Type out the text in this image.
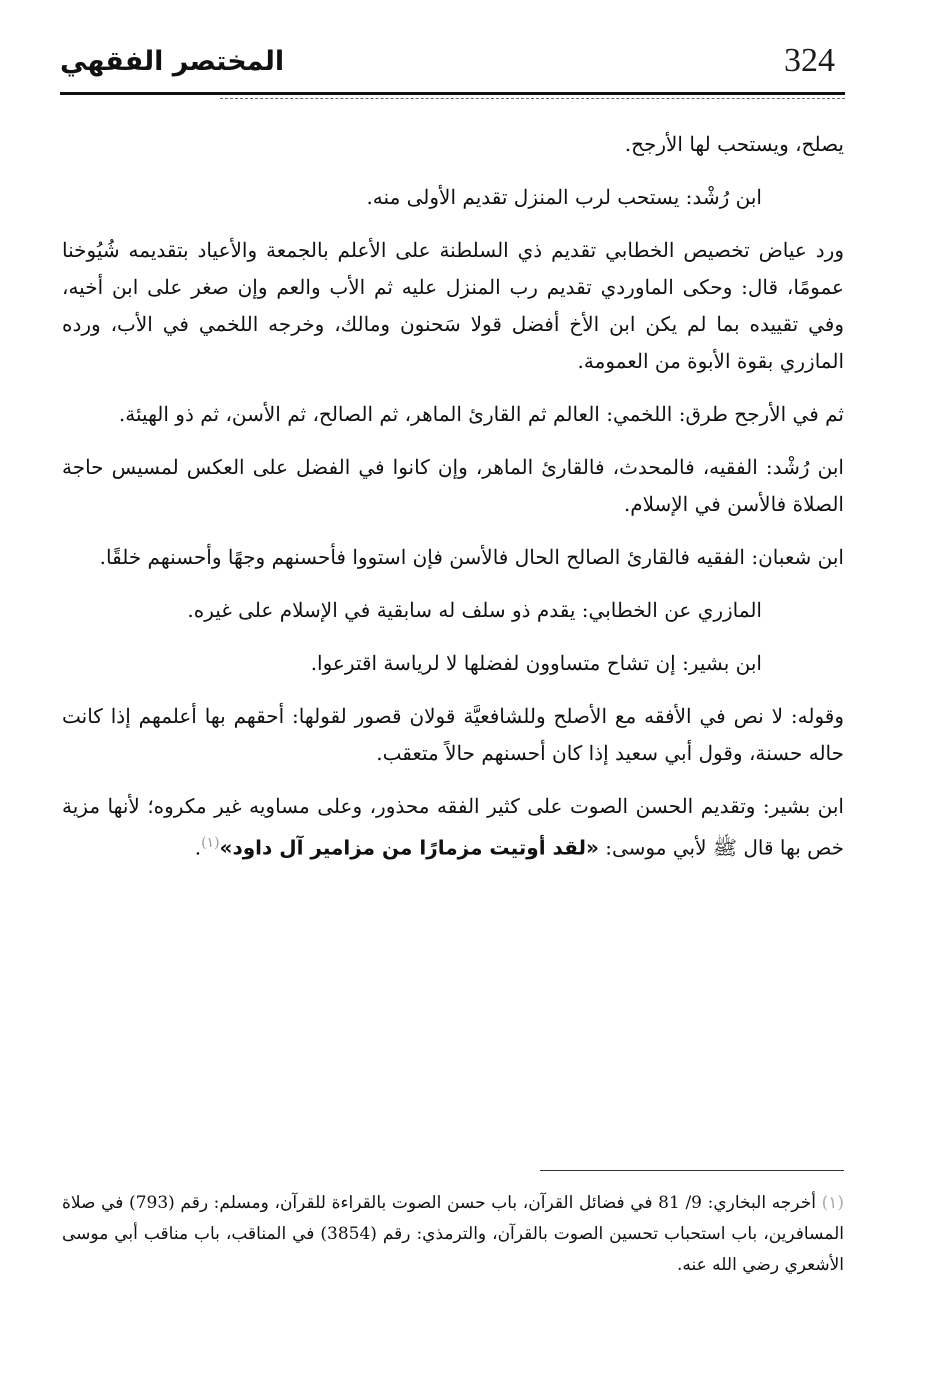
324
المختصر الفقهي

يصلح، ويستحب لها الأرجح.

ابن رُشْد: يستحب لرب المنزل تقديم الأولى منه.

ورد عياض تخصيص الخطابي تقديم ذي السلطنة على الأعلم بالجمعة والأعياد بتقديمه شُيُوخنا عمومًا، قال: وحكى الماوردي تقديم رب المنزل عليه ثم الأب والعم وإن صغر على ابن أخيه، وفي تقييده بما لم يكن ابن الأخ أفضل قولا سَحنون ومالك، وخرجه اللخمي في الأب، ورده المازري بقوة الأبوة من العمومة.

ثم في الأرجح طرق: اللخمي: العالم ثم القارئ الماهر، ثم الصالح، ثم الأسن، ثم ذو الهيئة.

ابن رُشْد: الفقيه، فالمحدث، فالقارئ الماهر، وإن كانوا في الفضل على العكس لمسيس حاجة الصلاة فالأسن في الإسلام.

ابن شعبان: الفقيه فالقارئ الصالح الحال فالأسن فإن استووا فأحسنهم وجهًا وأحسنهم خلقًا.

المازري عن الخطابي: يقدم ذو سلف له سابقية في الإسلام على غيره.

ابن بشير: إن تشاح متساوون لفضلها لا لرياسة اقترعوا.

وقوله: لا نص في الأفقه مع الأصلح وللشافعيَّة قولان قصور لقولها: أحقهم بها أعلمهم إذا كانت حاله حسنة، وقول أبي سعيد إذا كان أحسنهم حالاً متعقب.

ابن بشير: وتقديم الحسن الصوت على كثير الفقه محذور، وعلى مساويه غير مكروه؛ لأنها مزية خص بها قال ﷺ لأبي موسى: «لقد أوتيت مزمارًا من مزامير آل داود»$^{(١)}$.

(١) أخرجه البخاري: 9/ 81 في فضائل القرآن، باب حسن الصوت بالقراءة للقرآن، ومسلم: رقم (793) في صلاة المسافرين، باب استحباب تحسين الصوت بالقرآن، والترمذي: رقم (3854) في المناقب، باب مناقب أبي موسى الأشعري رضي الله عنه.
